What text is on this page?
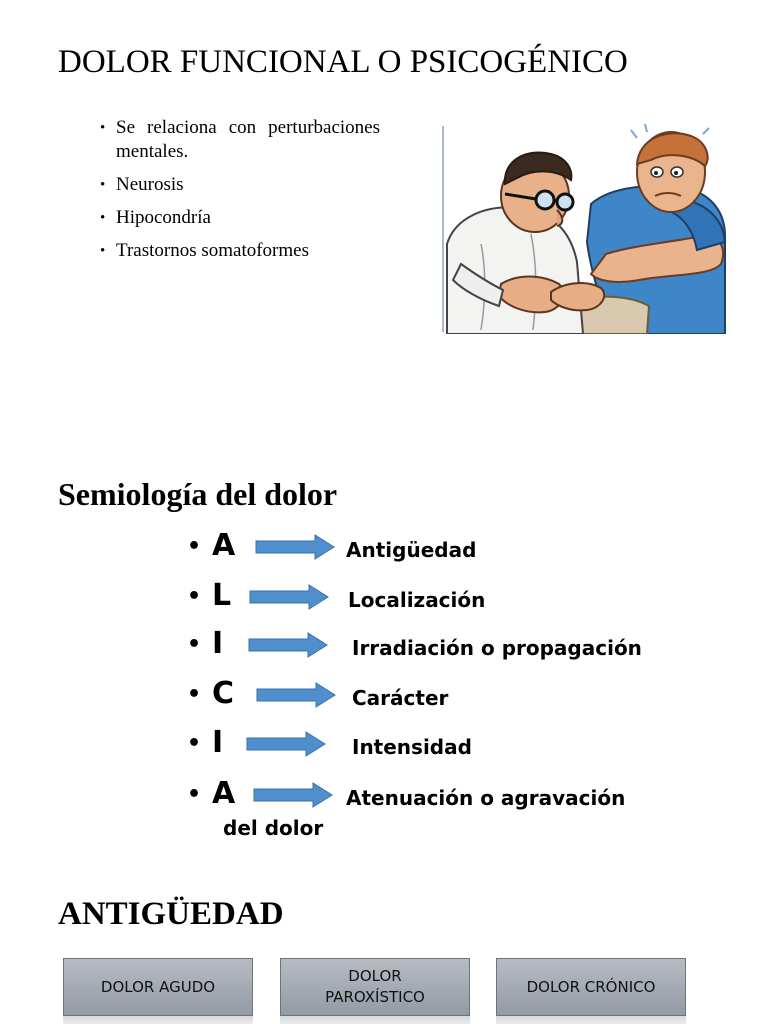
DOLOR FUNCIONAL O PSICOGÉNICO
• Se relaciona con perturbaciones mentales.
• Neurosis
• Hipocondría
• Trastornos somatoformes
Semiología del dolor
• A	Antigüedad
• L	Localización
• I	Irradiación o propagación
• C	Carácter
• I	Intensidad
• A	Atenuación o agravación
del dolor
ANTIGÜEDAD
DOLOR AGUDO
DOLOR PAROXÍSTICO
DOLOR CRÓNICO
